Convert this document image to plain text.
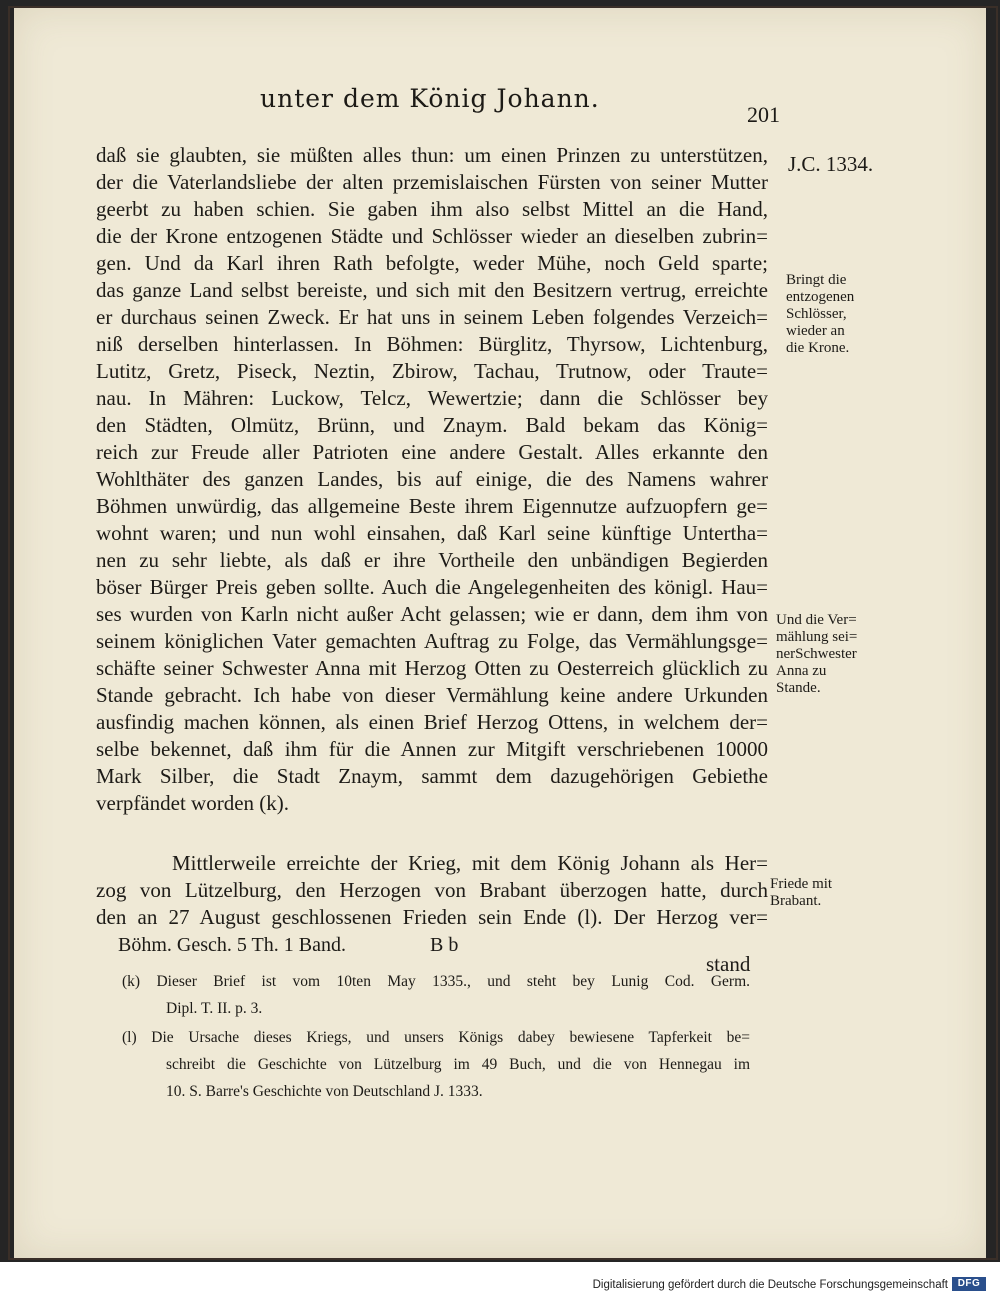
unter dem König Johann.
201
J.C. 1334.

daß sie glaubten, sie müßten alles thun: um einen Prinzen zu unterstützen,

der die Vaterlandsliebe der alten przemislaischen Fürsten von seiner Mutter

geerbt zu haben schien. Sie gaben ihm also selbst Mittel an die Hand,

die der Krone entzogenen Städte und Schlösser wieder an dieselben zubrin=

gen. Und da Karl ihren Rath befolgte, weder Mühe, noch Geld sparte;

das ganze Land selbst bereiste, und sich mit den Besitzern vertrug, erreichte

er durchaus seinen Zweck. Er hat uns in seinem Leben folgendes Verzeich=

niß derselben hinterlassen. In Böhmen: Bürglitz, Thyrsow, Lichtenburg,

Lutitz, Gretz, Piseck, Neztin, Zbirow, Tachau, Trutnow, oder Traute=

nau. In Mähren: Luckow, Telcz, Wewertzie; dann die Schlösser bey

den Städten, Olmütz, Brünn, und Znaym. Bald bekam das König=

reich zur Freude aller Patrioten eine andere Gestalt. Alles erkannte den

Wohlthäter des ganzen Landes, bis auf einige, die des Namens wahrer

Böhmen unwürdig, das allgemeine Beste ihrem Eigennutze aufzuopfern ge=

wohnt waren; und nun wohl einsahen, daß Karl seine künftige Untertha=

nen zu sehr liebte, als daß er ihre Vortheile den unbändigen Begierden

böser Bürger Preis geben sollte. Auch die Angelegenheiten des königl. Hau=

ses wurden von Karln nicht außer Acht gelassen; wie er dann, dem ihm von

seinem königlichen Vater gemachten Auftrag zu Folge, das Vermählungsge=

schäfte seiner Schwester Anna mit Herzog Otten zu Oesterreich glücklich zu

Stande gebracht. Ich habe von dieser Vermählung keine andere Urkunden

ausfindig machen können, als einen Brief Herzog Ottens, in welchem der=

selbe bekennet, daß ihm für die Annen zur Mitgift verschriebenen 10000

Mark Silber, die Stadt Znaym, sammt dem dazugehörigen Gebiethe

verpfändet worden (k).

Mittlerweile erreichte der Krieg, mit dem König Johann als Her=

zog von Lützelburg, den Herzogen von Brabant überzogen hatte, durch

den an 27 August geschlossenen Frieden sein Ende (l). Der Herzog ver=

Bringt die
entzogenen
Schlösser,
wieder an
die Krone.
Und die Ver=
mählung sei=
nerSchwester
Anna zu
Stande.
Friede mit
Brabant.
Böhm. Gesch. 5 Th. 1 Band.	B b
stand

(k) Dieser Brief ist vom 10ten May 1335., und steht bey Lunig Cod. Germ.

Dipl. T. II. p. 3.

(l) Die Ursache dieses Kriegs, und unsers Königs dabey bewiesene Tapferkeit be=

schreibt die Geschichte von Lützelburg im 49 Buch, und die von Hennegau im

10. S. Barre's Geschichte von Deutschland J. 1333.

Digitalisierung gefördert durch die Deutsche Forschungsgemeinschaft DFG
